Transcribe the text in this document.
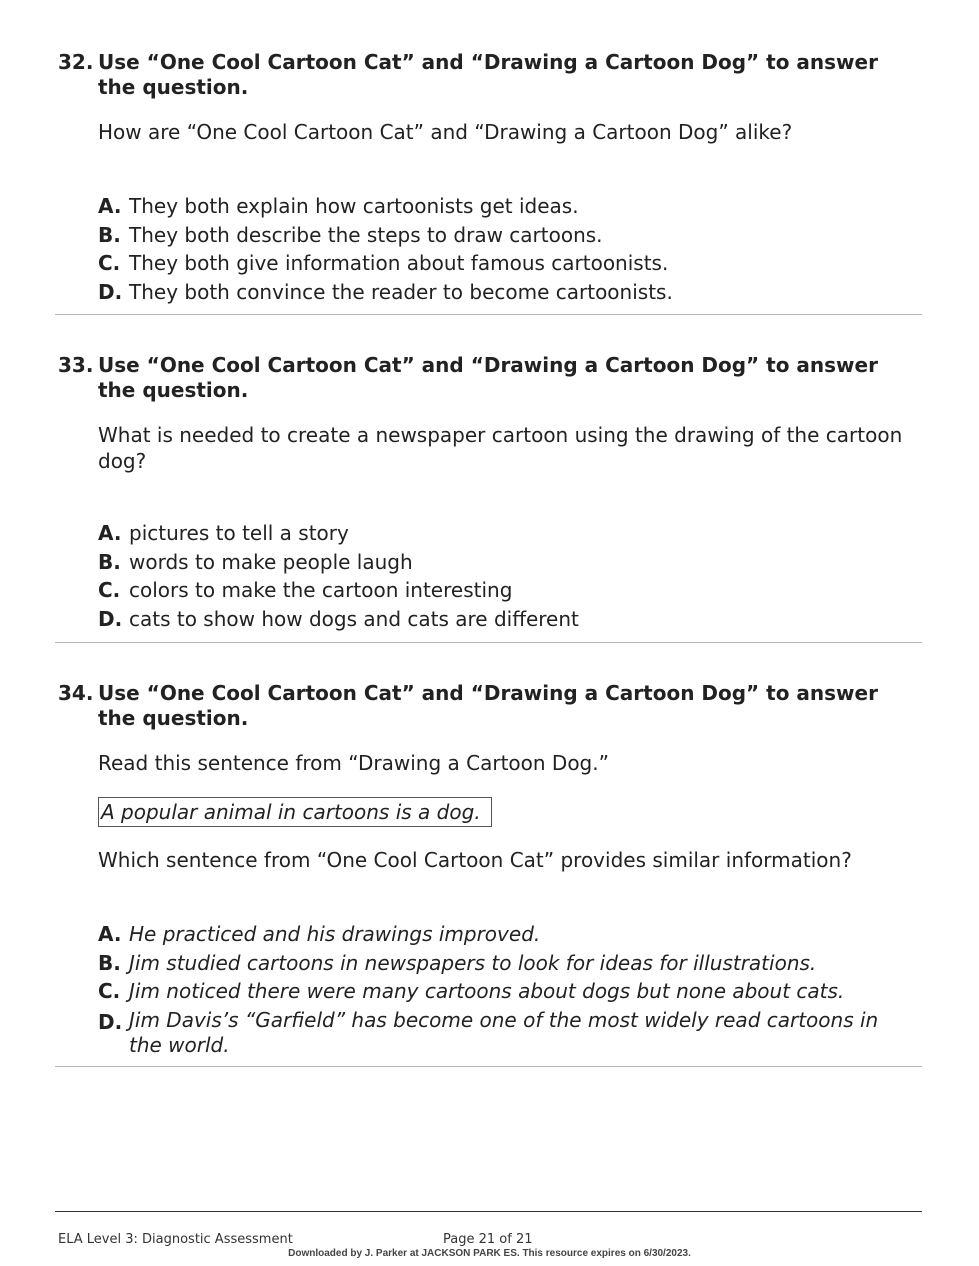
32. Use “One Cool Cartoon Cat” and “Drawing a Cartoon Dog” to answer the question.
How are “One Cool Cartoon Cat” and “Drawing a Cartoon Dog” alike?
A. They both explain how cartoonists get ideas.
B. They both describe the steps to draw cartoons.
C. They both give information about famous cartoonists.
D. They both convince the reader to become cartoonists.
33. Use “One Cool Cartoon Cat” and “Drawing a Cartoon Dog” to answer the question.
What is needed to create a newspaper cartoon using the drawing of the cartoon dog?
A. pictures to tell a story
B. words to make people laugh
C. colors to make the cartoon interesting
D. cats to show how dogs and cats are different
34. Use “One Cool Cartoon Cat” and “Drawing a Cartoon Dog” to answer the question.
Read this sentence from “Drawing a Cartoon Dog.”
A popular animal in cartoons is a dog.
Which sentence from “One Cool Cartoon Cat” provides similar information?
A. He practiced and his drawings improved.
B. Jim studied cartoons in newspapers to look for ideas for illustrations.
C. Jim noticed there were many cartoons about dogs but none about cats.
D. Jim Davis’s “Garfield” has become one of the most widely read cartoons in the world.
ELA Level 3: Diagnostic Assessment	Page 21 of 21
Downloaded by J. Parker at JACKSON PARK ES. This resource expires on 6/30/2023.
